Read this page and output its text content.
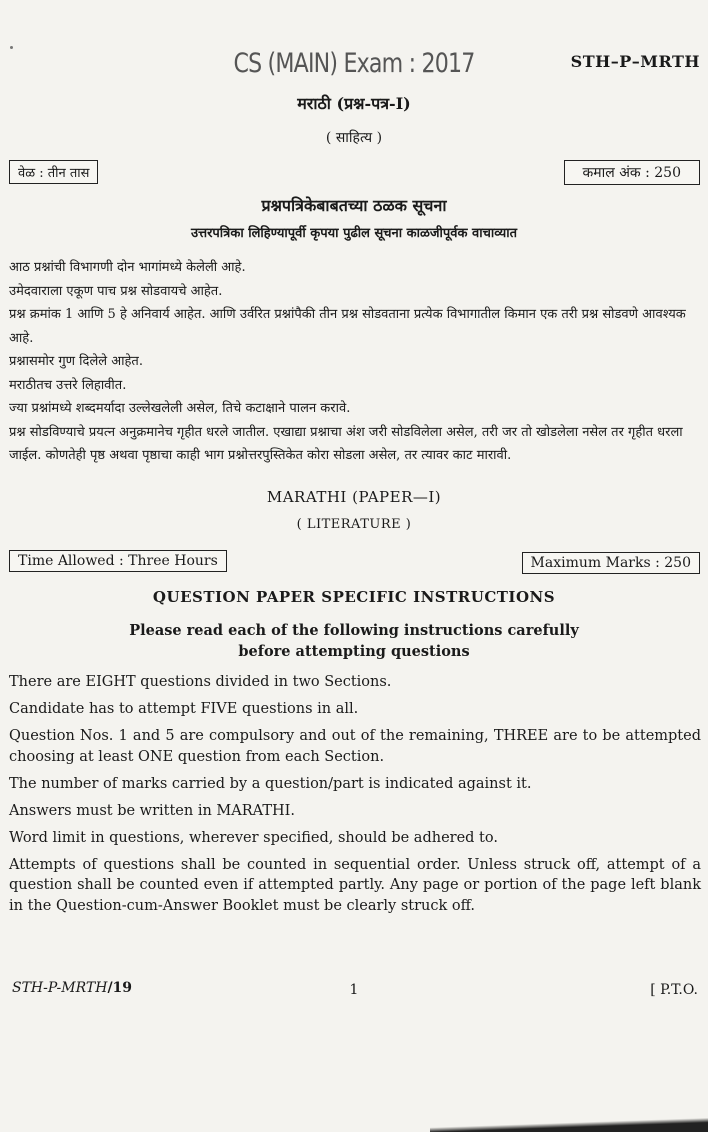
CS (MAIN) Exam : 2017	STH–P–MRTH
मराठी (प्रश्न-पत्र-I)
( साहित्य )
वेळ : तीन तास	कमाल अंक : 250
प्रश्नपत्रिकेबाबतच्या ठळक सूचना
उत्तरपत्रिका लिहिण्यापूर्वी कृपया पुढील सूचना काळजीपूर्वक वाचाव्यात

आठ प्रश्नांची विभागणी दोन भागांमध्ये केलेली आहे.

उमेदवाराला एकूण पाच प्रश्न सोडवायचे आहेत.

प्रश्न क्रमांक 1 आणि 5 हे अनिवार्य आहेत. आणि उर्वरित प्रश्नांपैकी तीन प्रश्न सोडवताना प्रत्येक विभागातील किमान एक तरी प्रश्न सोडवणे आवश्यक आहे.

प्रश्नासमोर गुण दिलेले आहेत.

मराठीतच उत्तरे लिहावीत.

ज्या प्रश्नांमध्ये शब्दमर्यादा उल्लेखलेली असेल, तिचे कटाक्षाने पालन करावे.

प्रश्न सोडविण्याचे प्रयत्न अनुक्रमानेच गृहीत धरले जातील. एखाद्या प्रश्नाचा अंश जरी सोडविलेला असेल, तरी जर तो खोडलेला नसेल तर गृहीत धरला जाईल. कोणतेही पृष्ठ अथवा पृष्ठाचा काही भाग प्रश्नोत्तरपुस्तिकेत कोरा सोडला असेल, तर त्यावर काट मारावी.

MARATHI (PAPER—I)
( LITERATURE )
Time Allowed : Three Hours	Maximum Marks : 250
QUESTION PAPER SPECIFIC INSTRUCTIONS
Please read each of the following instructions carefully
before attempting questions

There are EIGHT questions divided in two Sections.

Candidate has to attempt FIVE questions in all.

Question Nos. 1 and 5 are compulsory and out of the remaining, THREE are to be attempted choosing at least ONE question from each Section.

The number of marks carried by a question/part is indicated against it.

Answers must be written in MARATHI.

Word limit in questions, wherever specified, should be adhered to.

Attempts of questions shall be counted in sequential order. Unless struck off, attempt of a question shall be counted even if attempted partly. Any page or portion of the page left blank in the Question-cum-Answer Booklet must be clearly struck off.

STH-P-MRTH/19	1	[ P.T.O.
